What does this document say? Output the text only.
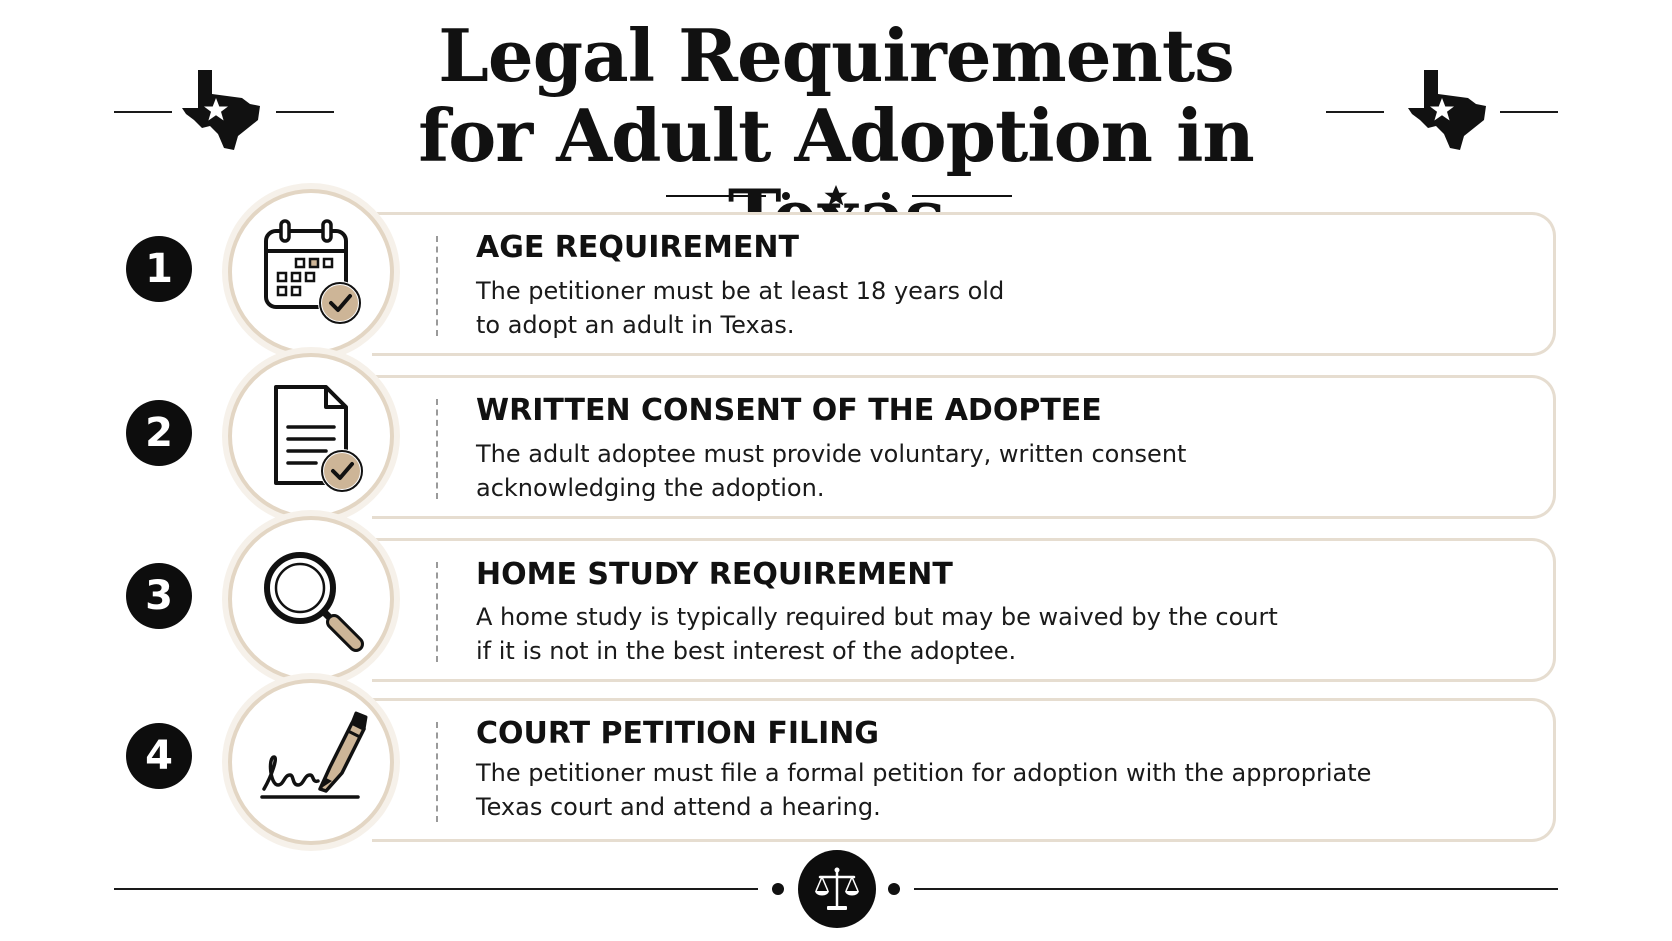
Legal Requirements
for Adult Adoption in
1	AGE REQUIREMENT

The petitioner must be at least 18 years old
to adopt an adult in Texas.

2	WRITTEN CONSENT OF THE ADOPTEE

The adult adoptee must provide voluntary, written consent
acknowledging the adoption.

3	HOME STUDY REQUIREMENT

A home study is typically required but may be waived by the court
if it is not in the best interest of the adoptee.

4	COURT PETITION FILING

The petitioner must file a formal petition for adoption with the appropriate
Texas court and attend a hearing.
